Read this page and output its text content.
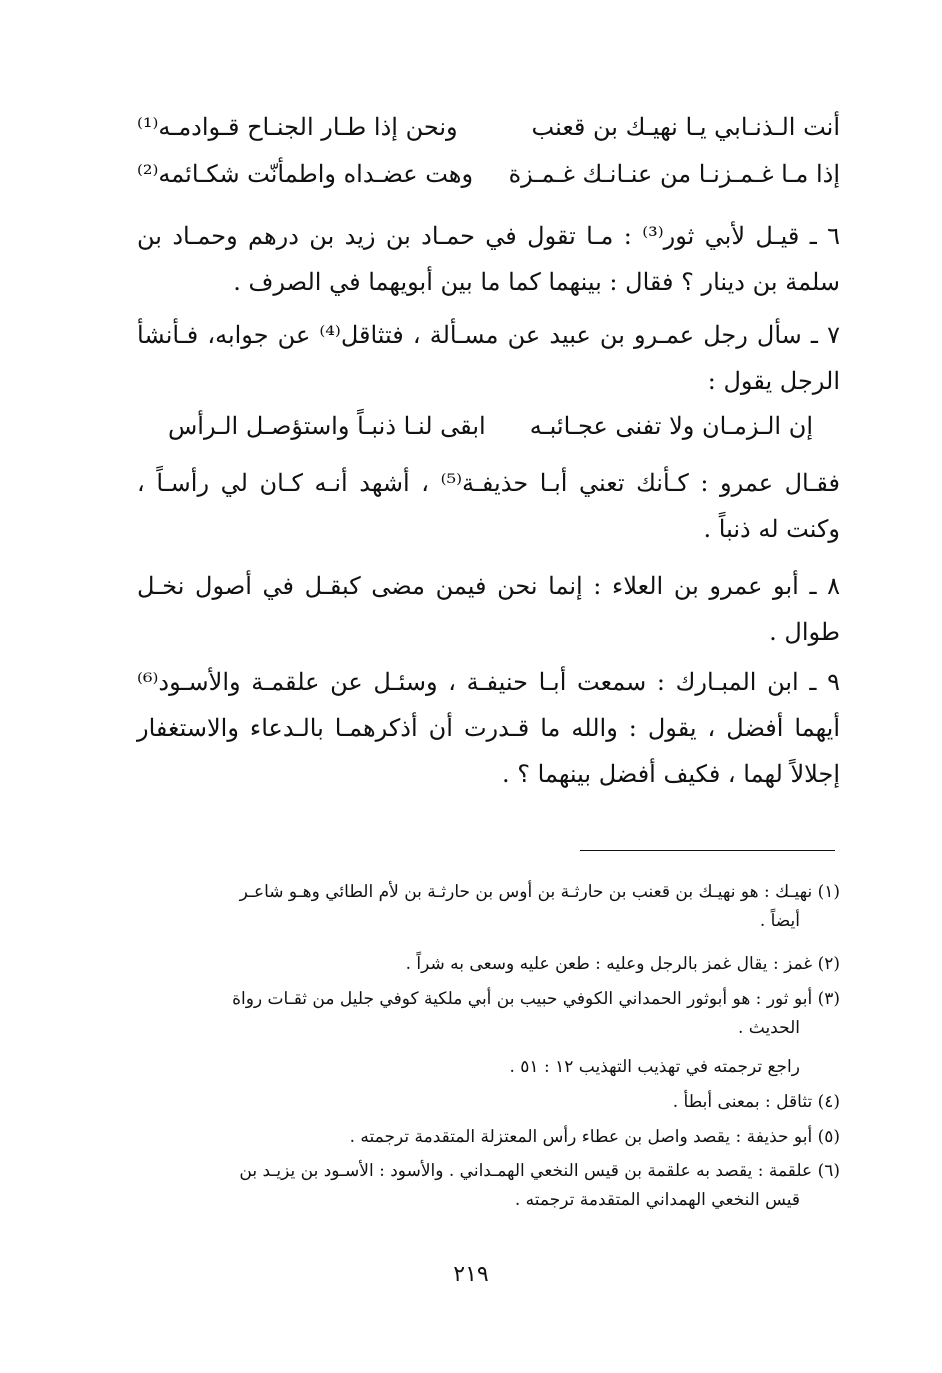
أنت الـذنـابي يـا نهيـك بن قعنب
ونحن إذا طـار الجنـاح قـوادمـه⁽¹⁾
إذا مـا غـمـزنـا من عنـانـك غـمـزة
وهت عضـداه واطمأنّت شكـائمه⁽²⁾
٦ ـ قيـل لأبي ثور⁽³⁾ : مـا تقول في حمـاد بن زيد بن درهم وحمـاد بن سلمة بن دينار ؟ فقال : بينهما كما ما بين أبويهما في الصرف .
٧ ـ سأل رجل عمـرو بن عبيد عن مسـألة ، فتثاقل⁽⁴⁾ عن جوابه، فـأنشأ الرجل يقول :
إن الـزمـان ولا تفنى عجـائبـه
ابقى لنـا ذنبـاً واستؤصـل الـرأس
فقـال عمرو : كـأنك تعني أبـا حذيفـة⁽⁵⁾ ، أشهد أنـه كـان لي رأسـاً ، وكنت له ذنباً .
٨ ـ أبو عمرو بن العلاء : إنما نحن فيمن مضى كبقـل في أصول نخـل طوال .
٩ ـ ابن المبـارك : سمعت أبـا حنيفـة ، وسئـل عن علقمـة والأسـود⁽⁶⁾ أيهما أفضل ، يقول : والله ما قـدرت أن أذكرهمـا بالـدعاء والاستغفار إجلالاً لهما ، فكيف أفضل بينهما ؟ .
(١) نهيـك : هو نهيـك بن قعنب بن حارثـة بن أوس بن حارثـة بن لأم الطائي وهـو شاعـر
أيضاً .
(٢) غمز : يقال غمز بالرجل وعليه : طعن عليه وسعى به شراً .
(٣) أبو ثور : هو أبوثور الحمداني الكوفي حبيب بن أبي ملكية كوفي جليل من ثقـات رواة
الحديث .
راجع ترجمته في تهذيب التهذيب ١٢ : ٥١ .
(٤) تثاقل : بمعنى أبطأ .
(٥) أبو حذيفة : يقصد واصل بن عطاء رأس المعتزلة المتقدمة ترجمته .
(٦) علقمة : يقصد به علقمة بن قيس النخعي الهمـداني . والأسود : الأسـود بن يزيـد بن
قيس النخعي الهمداني المتقدمة ترجمته .
٢١٩
